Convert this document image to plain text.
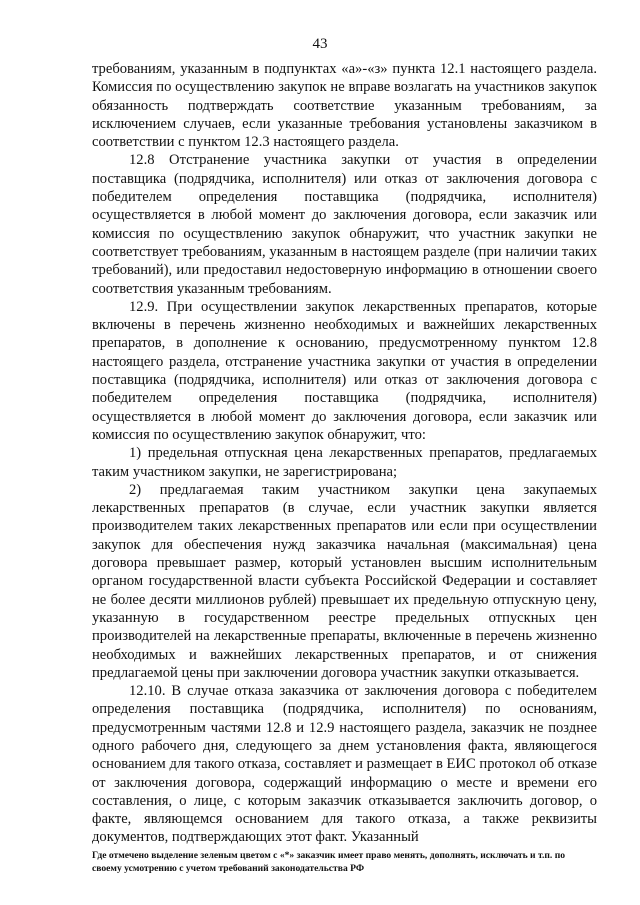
43

требованиям, указанным в подпунктах «а»-«з» пункта 12.1 настоящего раздела. Комиссия по осуществлению закупок не вправе возлагать на участников закупок обязанность подтверждать соответствие указанным требованиям, за исключением случаев, если указанные требования установлены заказчиком в соответствии с пунктом 12.3 настоящего раздела.

12.8 Отстранение участника закупки от участия в определении поставщика (подрядчика, исполнителя) или отказ от заключения договора с победителем определения поставщика (подрядчика, исполнителя) осуществляется в любой момент до заключения договора, если заказчик или комиссия по осуществлению закупок обнаружит, что участник закупки не соответствует требованиям, указанным в настоящем разделе (при наличии таких требований), или предоставил недостоверную информацию в отношении своего соответствия указанным требованиям.

12.9. При осуществлении закупок лекарственных препаратов, которые включены в перечень жизненно необходимых и важнейших лекарственных препаратов, в дополнение к основанию, предусмотренному пунктом 12.8 настоящего раздела, отстранение участника закупки от участия в определении поставщика (подрядчика, исполнителя) или отказ от заключения договора с победителем определения поставщика (подрядчика, исполнителя) осуществляется в любой момент до заключения договора, если заказчик или комиссия по осуществлению закупок обнаружит, что:

1) предельная отпускная цена лекарственных препаратов, предлагаемых таким участником закупки, не зарегистрирована;

2) предлагаемая таким участником закупки цена закупаемых лекарственных препаратов (в случае, если участник закупки является производителем таких лекарственных препаратов или если при осуществлении закупок для обеспечения нужд заказчика начальная (максимальная) цена договора превышает размер, который установлен высшим исполнительным органом государственной власти субъекта Российской Федерации и составляет не более десяти миллионов рублей) превышает их предельную отпускную цену, указанную в государственном реестре предельных отпускных цен производителей на лекарственные препараты, включенные в перечень жизненно необходимых и важнейших лекарственных препаратов, и от снижения предлагаемой цены при заключении договора участник закупки отказывается.

12.10. В случае отказа заказчика от заключения договора с победителем определения поставщика (подрядчика, исполнителя) по основаниям, предусмотренным частями 12.8 и 12.9 настоящего раздела, заказчик не позднее одного рабочего дня, следующего за днем установления факта, являющегося основанием для такого отказа, составляет и размещает в ЕИС протокол об отказе от заключения договора, содержащий информацию о месте и времени его составления, о лице, с которым заказчик отказывается заключить договор, о факте, являющемся основанием для такого отказа, а также реквизиты документов, подтверждающих этот факт. Указанный

Где отмечено выделение зеленым цветом с «*» заказчик имеет право менять, дополнять, исключать и т.п. по своему усмотрению с учетом требований законодательства РФ
